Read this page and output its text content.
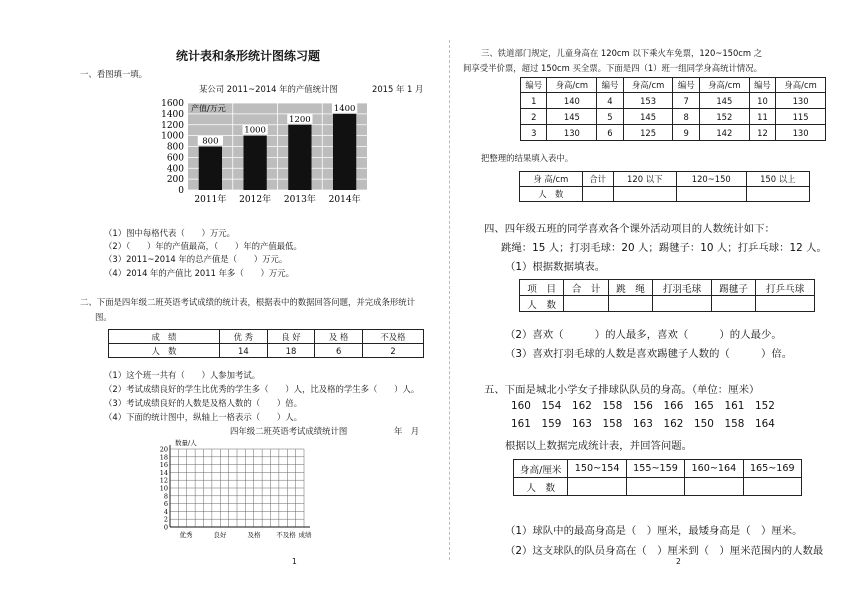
统计表和条形统计图练习题
一、看图填一填。
某公司 2011~2014 年的产值统计图	2015 年 1 月
1600
1400
1200
1000
800
600
400
200
0
产值/万元
800
2011年
1000
2012年
1200
2013年
1400
2014年
（1）图中每格代表（　　）万元。
（2）（　　）年的产值最高，（　　）年的产值最低。
（3）2011~2014 年的总产值是（　　）万元。
（4）2014 年的产值比 2011 年多（　　）万元。
二、下面是四年级二班英语考试成绩的统计表，根据表中的数据回答问题，并完成条形统计
图。
成　绩	优 秀	良 好	及 格	不及格
人　数	14	18	6	2
（1）这个班一共有（　　）人参加考试。
（2）考试成绩良好的学生比优秀的学生多（　　）人，比及格的学生多（　　）人。
（3）考试成绩良好的人数是及格人数的（　　）倍。
（4）下面的统计图中，纵轴上一格表示（　　）人。
四年级二班英语考试成绩统计图	年　月
数量/人
20
18
16
14
12
10
8
6
4
2
0
优秀	良好	及格 不及格 成绩
1
三、铁道部门规定，儿童身高在 120cm 以下乘火车免票，120~150cm 之
间享受半价票，超过 150cm 买全票。下面是四（1）班一组同学身高统计情况。
编号	身高/cm	编号	身高/cm	编号	身高/cm	编号	身高/cm
1	140	4	153	7	145	10	130
2	145	5	145	8	152	11	115
3	130	6	125	9	142	12	130
把整理的结果填入表中。
身 高/cm	合计	120 以下	120~150	150 以上
人　数				
四、四年级五班的同学喜欢各个课外活动项目的人数统计如下：
跳绳：15 人；打羽毛球：20 人；踢毽子：10 人；打乒乓球：12 人。
（1）根据数据填表。
项　目	合　计	跳　绳	打羽毛球	踢毽子	打乒乓球
人　数					
（2）喜欢（　　　）的人最多，喜欢（　　　）的人最少。
（3）喜欢打羽毛球的人数是喜欢踢毽子人数的（　　　）倍。
五、下面是城北小学女子排球队队员的身高。（单位：厘米）
160 154 162 158 156 166 165 161 152
161 159 163 158 163 162 150 158 164
根据以上数据完成统计表，并回答问题。
身高/厘米	150~154	155~159	160~164	165~169
人　数				
（1）球队中的最高身高是（　）厘米，最矮身高是（　）厘米。
（2）这支球队的队员身高在（　）厘米到（　）厘米范围内的人数最
2
